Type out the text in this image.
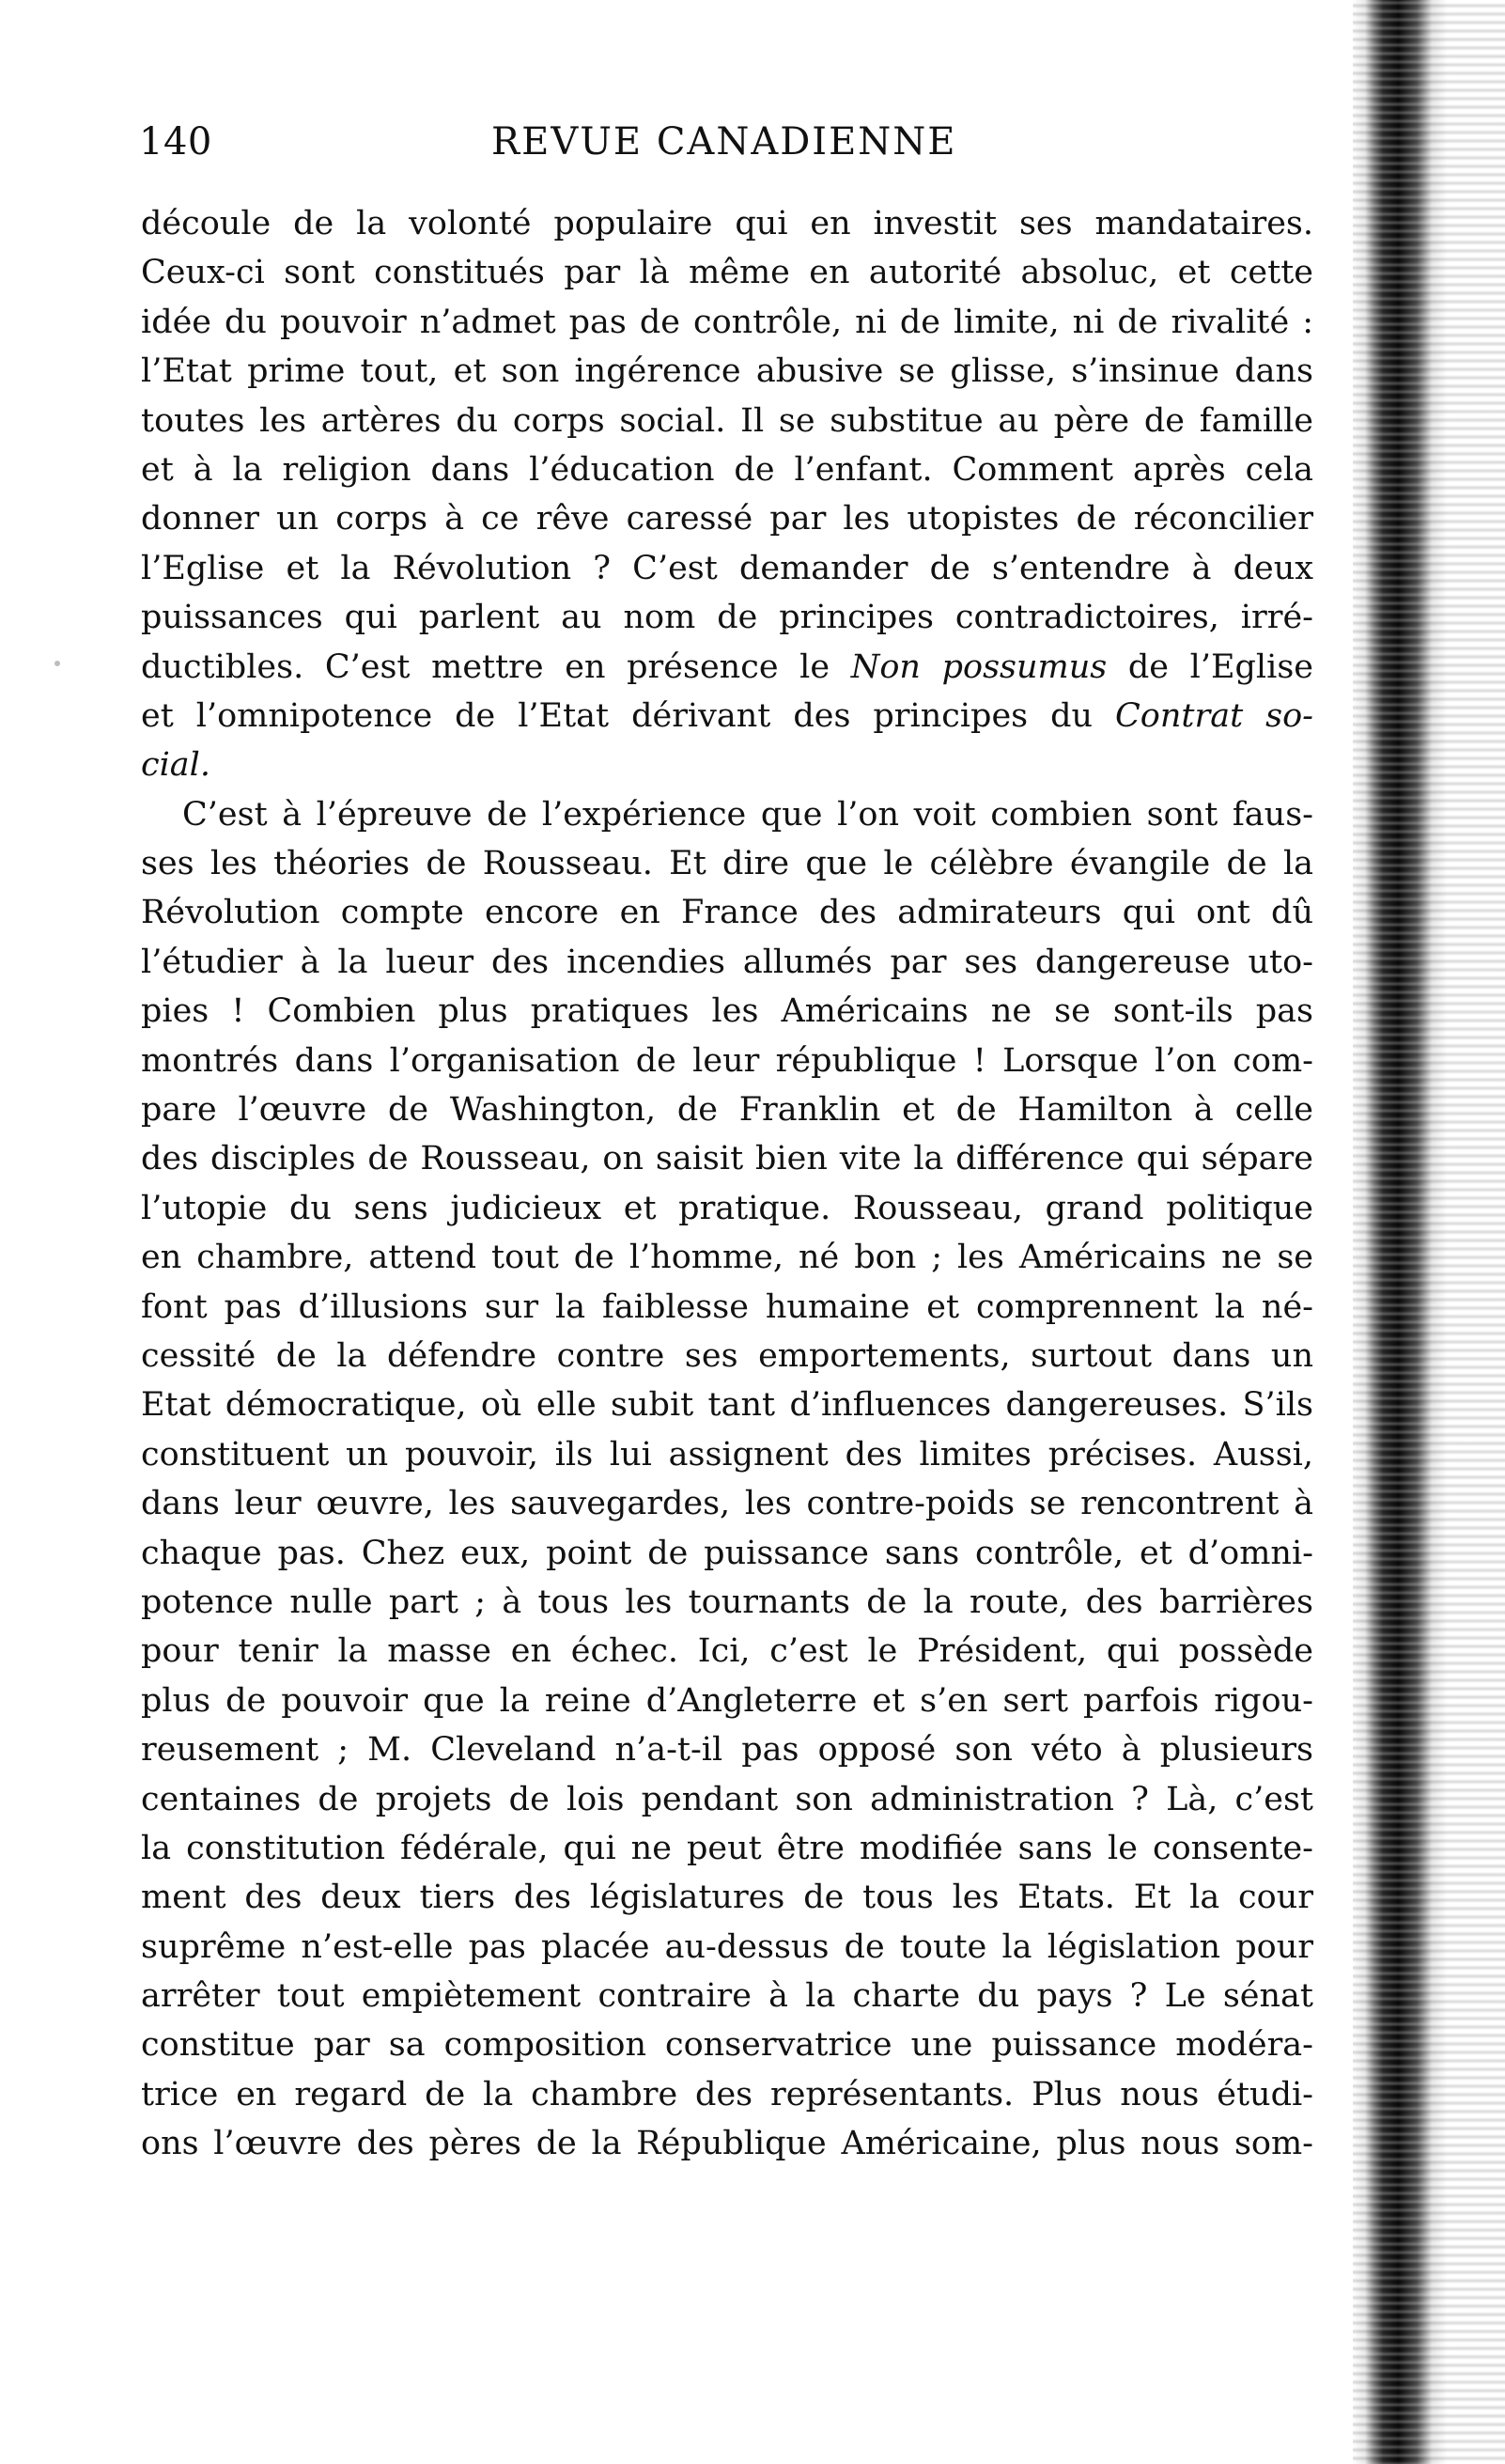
140	REVUE CANADIENNE
découle de la volonté populaire qui en investit ses mandataires.
Ceux-ci sont constitués par là même en autorité absoluc, et cette
idée du pouvoir n’admet pas de contrôle, ni de limite, ni de rivalité :
l’Etat prime tout, et son ingérence abusive se glisse, s’insinue dans
toutes les artères du corps social. Il se substitue au père de famille
et à la religion dans l’éducation de l’enfant. Comment après cela
donner un corps à ce rêve caressé par les utopistes de réconcilier
l’Eglise et la Révolution ? C’est demander de s’entendre à deux
puissances qui parlent au nom de principes contradictoires, irré-
ductibles. C’est mettre en présence le Non possumus de l’Eglise
et l’omnipotence de l’Etat dérivant des principes du Contrat so-
cial.
C’est à l’épreuve de l’expérience que l’on voit combien sont faus-
ses les théories de Rousseau. Et dire que le célèbre évangile de la
Révolution compte encore en France des admirateurs qui ont dû
l’étudier à la lueur des incendies allumés par ses dangereuse uto-
pies ! Combien plus pratiques les Américains ne se sont-ils pas
montrés dans l’organisation de leur république ! Lorsque l’on com-
pare l’œuvre de Washington, de Franklin et de Hamilton à celle
des disciples de Rousseau, on saisit bien vite la différence qui sépare
l’utopie du sens judicieux et pratique. Rousseau, grand politique
en chambre, attend tout de l’homme, né bon ; les Américains ne se
font pas d’illusions sur la faiblesse humaine et comprennent la né-
cessité de la défendre contre ses emportements, surtout dans un
Etat démocratique, où elle subit tant d’influences dangereuses. S’ils
constituent un pouvoir, ils lui assignent des limites précises. Aussi,
dans leur œuvre, les sauvegardes, les contre-poids se rencontrent à
chaque pas. Chez eux, point de puissance sans contrôle, et d’omni-
potence nulle part ; à tous les tournants de la route, des barrières
pour tenir la masse en échec. Ici, c’est le Président, qui possède
plus de pouvoir que la reine d’Angleterre et s’en sert parfois rigou-
reusement ; M. Cleveland n’a-t-il pas opposé son véto à plusieurs
centaines de projets de lois pendant son administration ? Là, c’est
la constitution fédérale, qui ne peut être modifiée sans le consente-
ment des deux tiers des législatures de tous les Etats. Et la cour
suprême n’est-elle pas placée au-dessus de toute la législation pour
arrêter tout empiètement contraire à la charte du pays ? Le sénat
constitue par sa composition conservatrice une puissance modéra-
trice en regard de la chambre des représentants. Plus nous étudi-
ons l’œuvre des pères de la République Américaine, plus nous som-
